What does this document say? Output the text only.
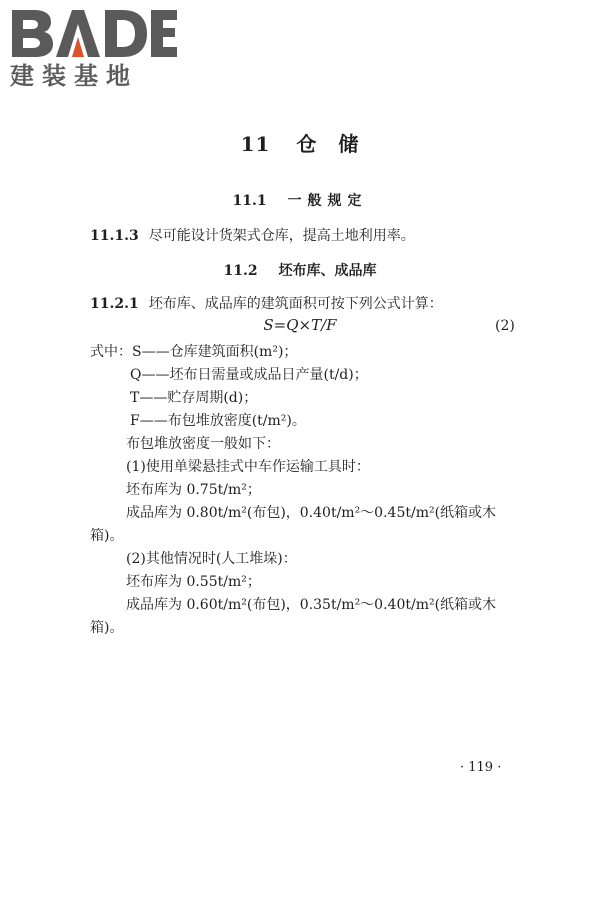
建装基地
11 仓　储
11.1 一般规定
11.1.3 尽可能设计货架式仓库，提高土地利用率。
11.2 坯布库、成品库
11.2.1 坯布库、成品库的建筑面积可按下列公式计算：
S=Q×T/F	(2)
式中：S——仓库建筑面积(m²)；
Q——坯布日需量或成品日产量(t/d)；
T——贮存周期(d)；
F——布包堆放密度(t/m²)。
布包堆放密度一般如下：
(1)使用单梁悬挂式中车作运输工具时：
坯布库为 0.75t/m²；
成品库为 0.80t/m²(布包)，0.40t/m²～0.45t/m²(纸箱或木
箱)。
(2)其他情况时(人工堆垛)：
坯布库为 0.55t/m²；
成品库为 0.60t/m²(布包)，0.35t/m²～0.40t/m²(纸箱或木
箱)。
· 119 ·
